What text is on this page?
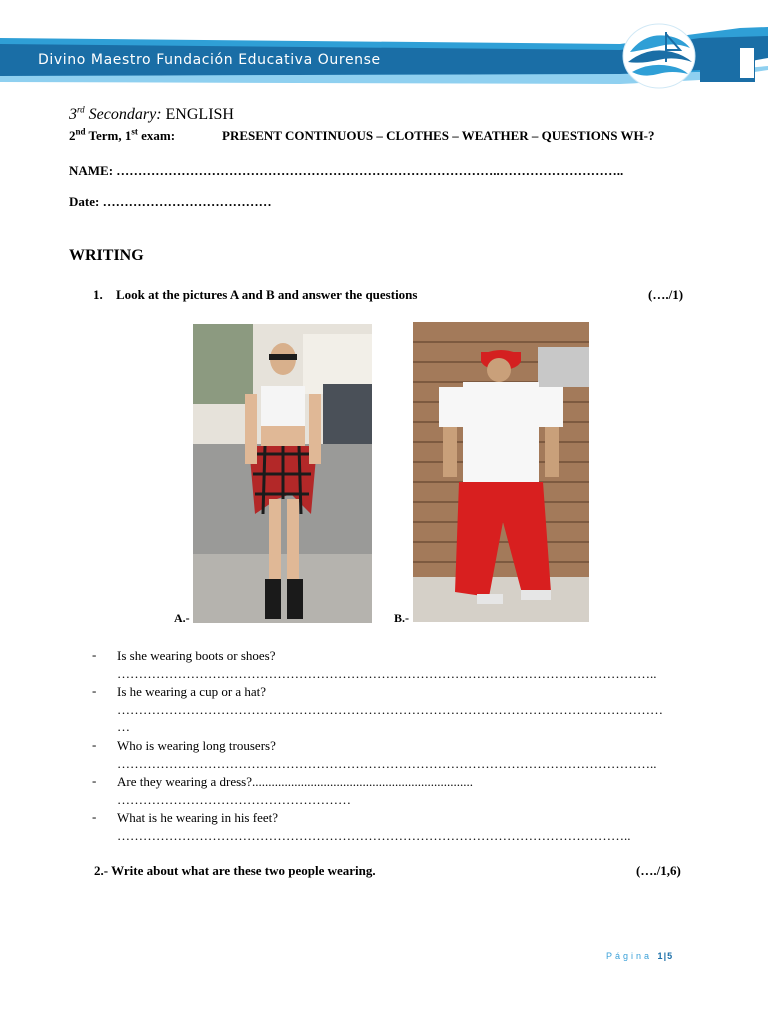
Divino Maestro Fundación Educativa Ourense
3rd Secondary: ENGLISH
2nd Term, 1st exam:	PRESENT CONTINUOUS – CLOTHES – WEATHER – QUESTIONS WH-?
NAME: ……………………………………………………………………………..………………………..
Date: …………………………………
WRITING
1. Look at the pictures A and B and answer the questions	(…./1)
A.-	B.-
- Is she wearing boots or shoes?
……………………………………………………………………………………………………………..
- Is he wearing a cup or a hat?
………………………………………………………………………………………………………………
…
- Who is wearing long trousers?
……………………………………………………………………………………………………………..
- Are they wearing a dress?....................................................................
………………………………………………
- What is he wearing in his feet?
………………………………………………………………………………………………………..
2.- Write about what are these two people wearing.	(…./1,6)
Página 1|5
